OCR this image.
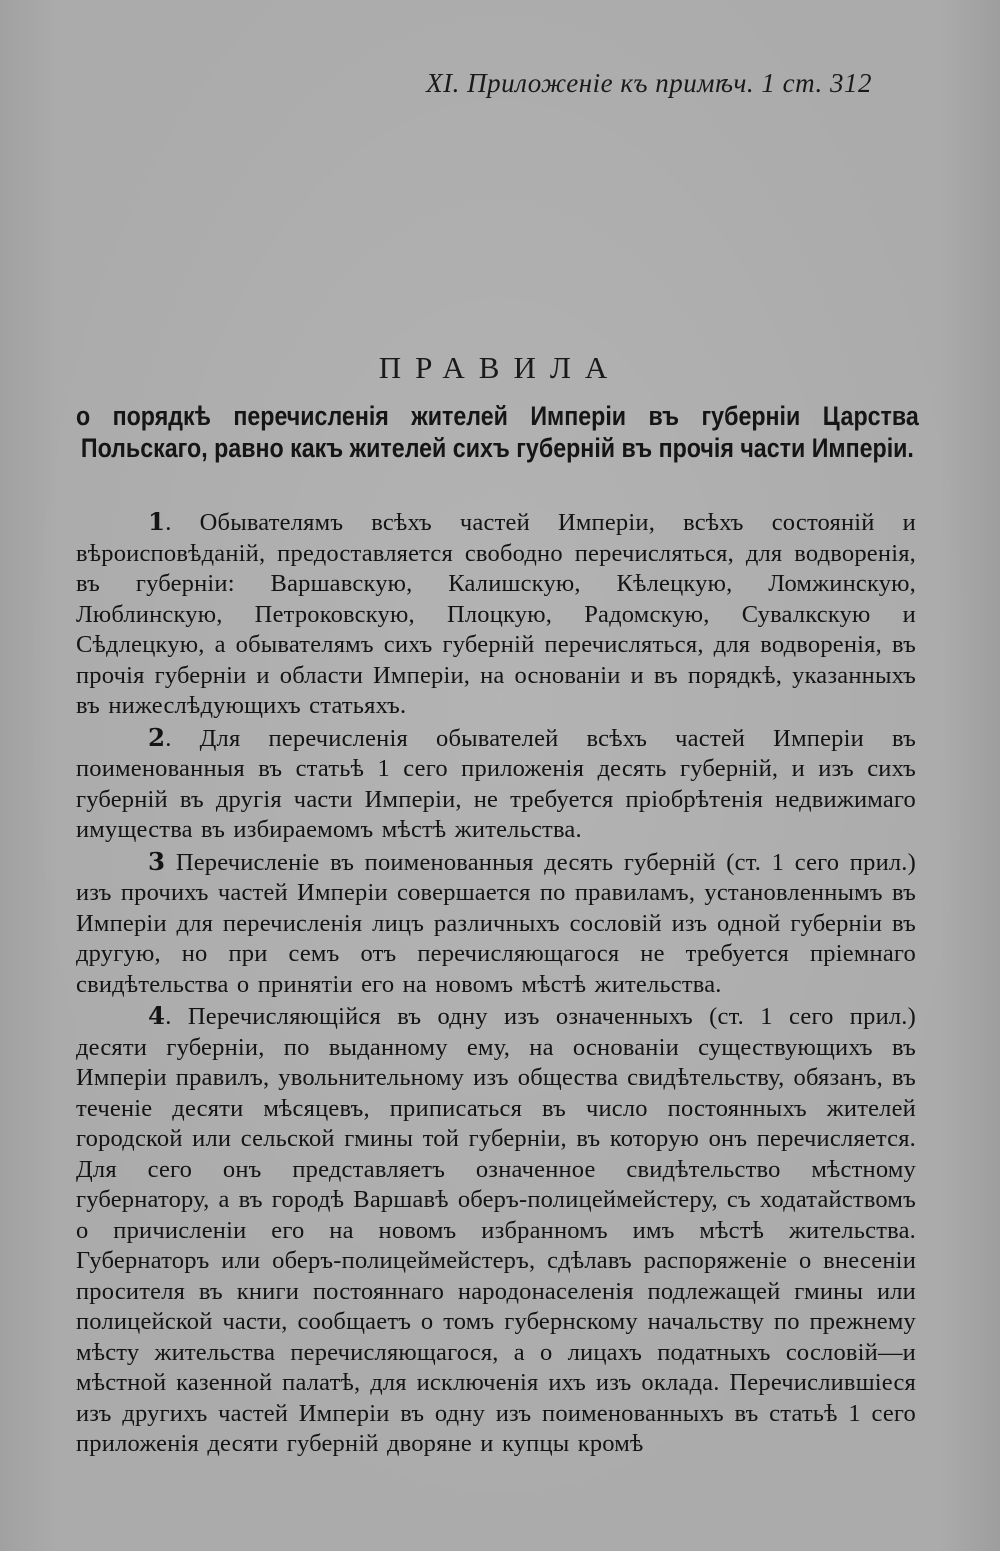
XI. Приложеніе къ примѣч. 1 ст. 312
ПРАВИЛА
о порядкѣ перечисленія жителей Имперіи въ губерніи Царства Польскаго, равно какъ жителей сихъ губерній въ прочія части Имперіи.

1. Обывателямъ всѣхъ частей Имперіи, всѣхъ состояній и вѣроисповѣданій, предоставляется свободно перечисляться, для водворенія, въ губерніи: Варшавскую, Калишскую, Кѣлецкую, Ломжинскую, Люблинскую, Петроковскую, Плоцкую, Радомскую, Сувалкскую и Сѣдлецкую, а обывателямъ сихъ губерній перечисляться, для водворенія, въ прочія губерніи и области Имперіи, на основаніи и въ порядкѣ, указанныхъ въ нижеслѣдующихъ статьяхъ.

2. Для перечисленія обывателей всѣхъ частей Имперіи въ поименованныя въ статьѣ 1 сего приложенія десять губерній, и изъ сихъ губерній въ другія части Имперіи, не требуется пріобрѣтенія недвижимаго имущества въ избираемомъ мѣстѣ жительства.

3 Перечисленіе въ поименованныя десять губерній (ст. 1 сего прил.) изъ прочихъ частей Имперіи совершается по правиламъ, установленнымъ въ Имперіи для перечисленія лицъ различныхъ сословій изъ одной губерніи въ другую, но при семъ отъ перечисляющагося не требуется пріемнаго свидѣтельства о принятіи его на новомъ мѣстѣ жительства.

4. Перечисляющійся въ одну изъ означенныхъ (ст. 1 сего прил.) десяти губерніи, по выданному ему, на основаніи существующихъ въ Имперіи правилъ, увольнительному изъ общества свидѣтельству, обязанъ, въ теченіе десяти мѣсяцевъ, приписаться въ число постоянныхъ жителей городской или сельской гмины той губерніи, въ которую онъ перечисляется. Для сего онъ представляетъ означенное свидѣтельство мѣстному губернатору, а въ городѣ Варшавѣ оберъ-полицеймейстеру, съ ходатайствомъ о причисленіи его на новомъ избранномъ имъ мѣстѣ жительства. Губернаторъ или оберъ-полицеймейстеръ, сдѣлавъ распоряженіе о внесеніи просителя въ книги постояннаго народонаселенія подлежащей гмины или полицейской части, сообщаетъ о томъ губернскому начальству по прежнему мѣсту жительства перечисляющагося, а о лицахъ податныхъ сословій—и мѣстной казенной палатѣ, для исключенія ихъ изъ оклада. Перечислившіеся изъ другихъ частей Имперіи въ одну изъ поименованныхъ въ статьѣ 1 сего приложенія десяти губерній дворяне и купцы кромѣ
